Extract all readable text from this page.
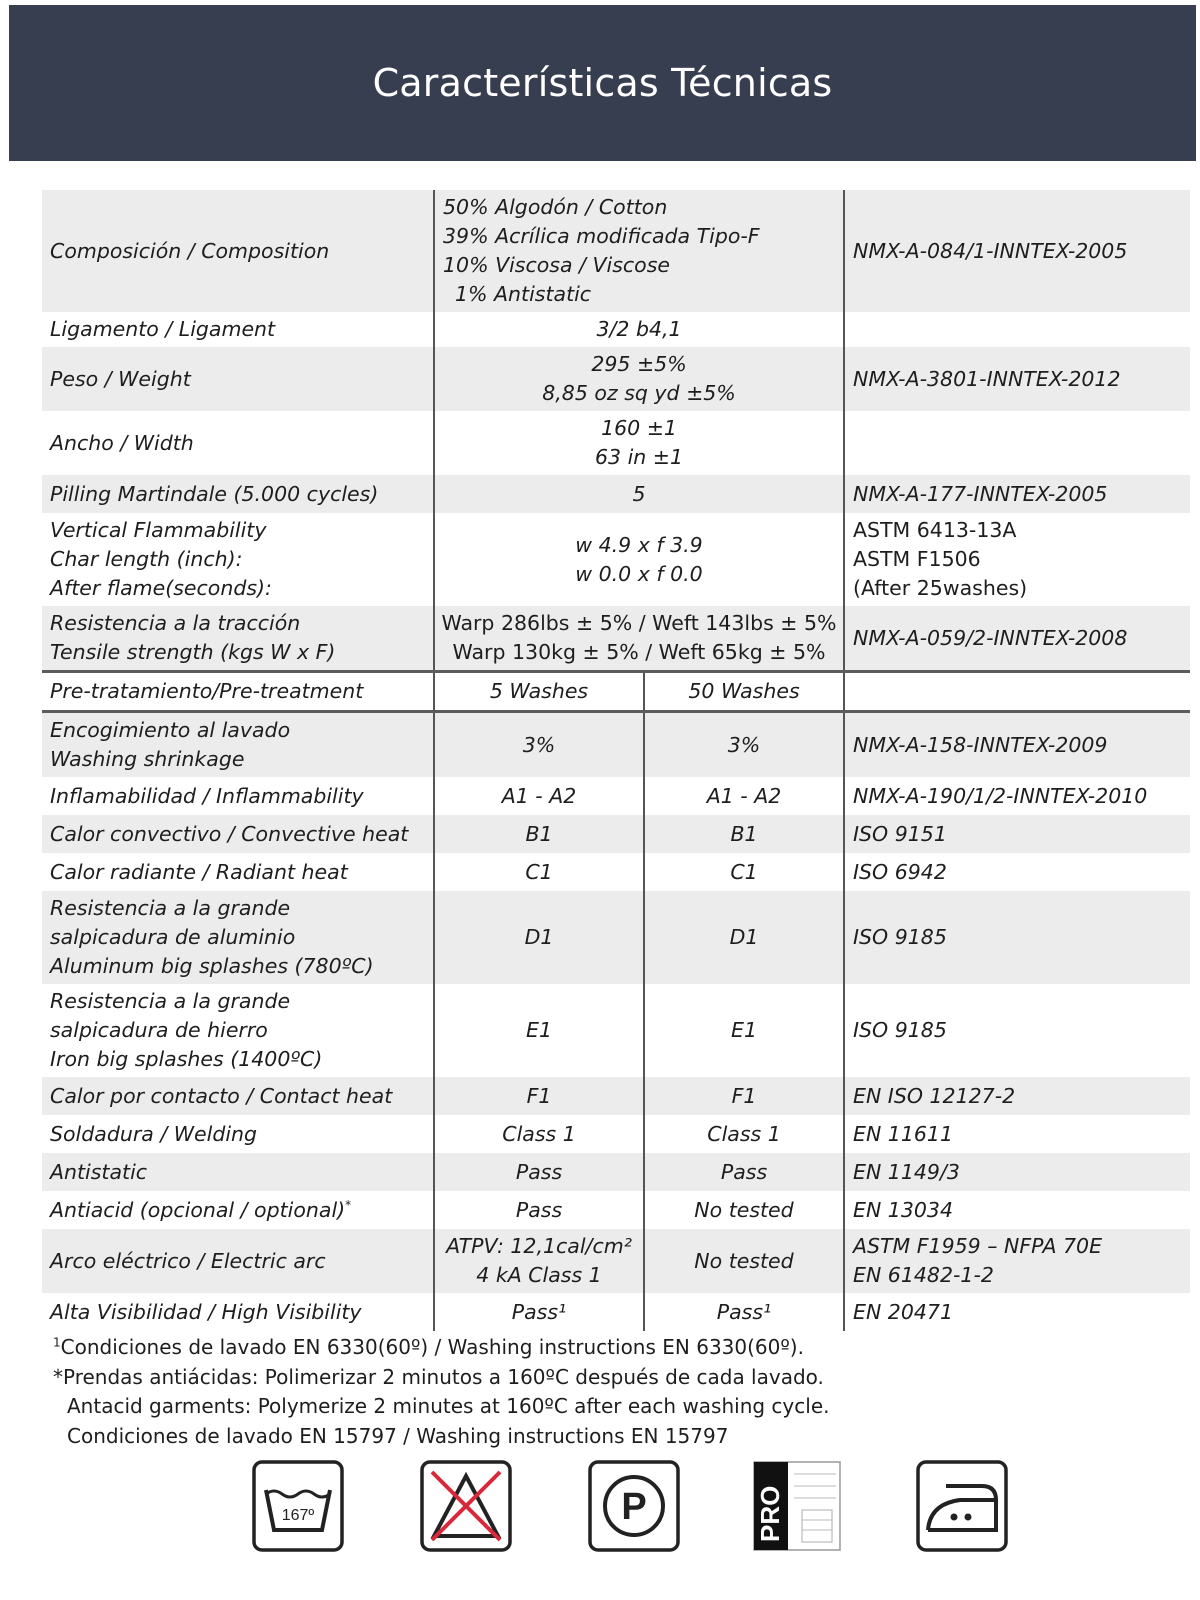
Características Técnicas
Composición / Composition	50% Algodón / Cotton
39% Acrílica modificada Tipo-F
10% Viscosa / Viscose
1% Antistatic		NMX-A-084/1-INNTEX-2005
Ligamento / Ligament	3/2 b4,1		
Peso / Weight	295 ±5%
8,85 oz sq yd ±5%		NMX-A-3801-INNTEX-2012
Ancho / Width	160 ±1
63 in ±1		
Pilling Martindale (5.000 cycles)	5		NMX-A-177-INNTEX-2005
Vertical Flammability
Char length (inch):
After flame(seconds):	w 4.9 x f 3.9
w 0.0 x f 0.0		ASTM 6413-13A
ASTM F1506
(After 25washes)
Resistencia a la tracción
Tensile strength (kgs W x F)	Warp 286lbs ± 5% / Weft 143lbs ± 5%
Warp 130kg ± 5% / Weft 65kg ± 5%		NMX-A-059/2-INNTEX-2008
Pre-tratamiento/Pre-treatment	5 Washes	50 Washes	
Encogimiento al lavado
Washing shrinkage	3%	3%	NMX-A-158-INNTEX-2009
Inflamabilidad / Inflammability	A1 - A2	A1 - A2	NMX-A-190/1/2-INNTEX-2010
Calor convectivo / Convective heat	B1	B1	ISO 9151
Calor radiante / Radiant heat	C1	C1	ISO 6942
Resistencia a la grande
salpicadura de aluminio
Aluminum big splashes (780ºC)	D1	D1	ISO 9185
Resistencia a la grande
salpicadura de hierro
Iron big splashes (1400ºC)	E1	E1	ISO 9185
Calor por contacto / Contact heat	F1	F1	EN ISO 12127-2
Soldadura / Welding	Class 1	Class 1	EN 11611
Antistatic	Pass	Pass	EN 1149/3
Antiacid (opcional / optional)*	Pass	No tested	EN 13034
Arco eléctrico / Electric arc	ATPV: 12,1cal/cm²
4 kA Class 1	No tested	ASTM F1959 – NFPA 70E
EN 61482-1-2
Alta Visibilidad / High Visibility	Pass¹	Pass¹	EN 20471
$^1$Condiciones de lavado EN 6330(60º) / Washing instructions EN 6330(60º).
*Prendas antiácidas: Polimerizar 2 minutos a 160ºC después de cada lavado.
Antacid garments: Polymerize 2 minutes at 160ºC after each washing cycle.
Condiciones de lavado EN 15797 / Washing instructions EN 15797
167º	P	PRO
